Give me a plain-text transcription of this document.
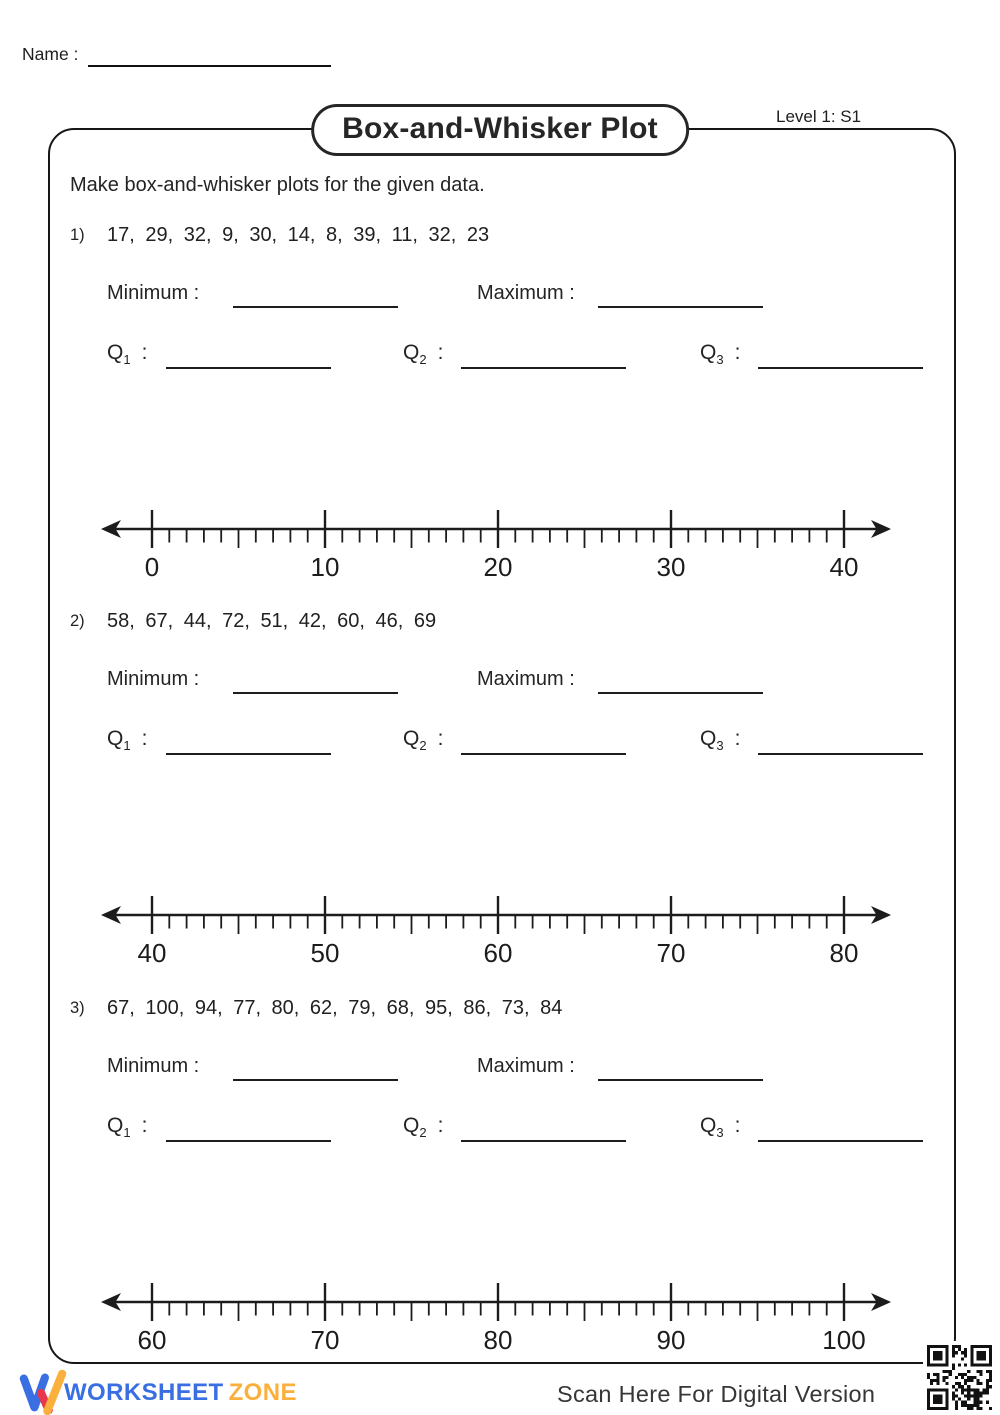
Name :
Box-and-Whisker Plot	Level 1: S1
Make box-and-whisker plots for the given data.
1) 17, 29, 32, 9, 30, 14, 8, 39, 11, 32, 23
Minimum :	Maximum :
$Q_1$ :	$Q_2$ :	$Q_3$ :
0	10	20	30	40
2) 58, 67, 44, 72, 51, 42, 60, 46, 69
Minimum :	Maximum :
$Q_1$ :	$Q_2$ :	$Q_3$ :
40	50	60	70	80
3) 67, 100, 94, 77, 80, 62, 79, 68, 95, 86, 73, 84
Minimum :	Maximum :
$Q_1$ :	$Q_2$ :	$Q_3$ :
60	70	80	90	100
WORKSHEET ZONE	Scan Here For Digital Version
